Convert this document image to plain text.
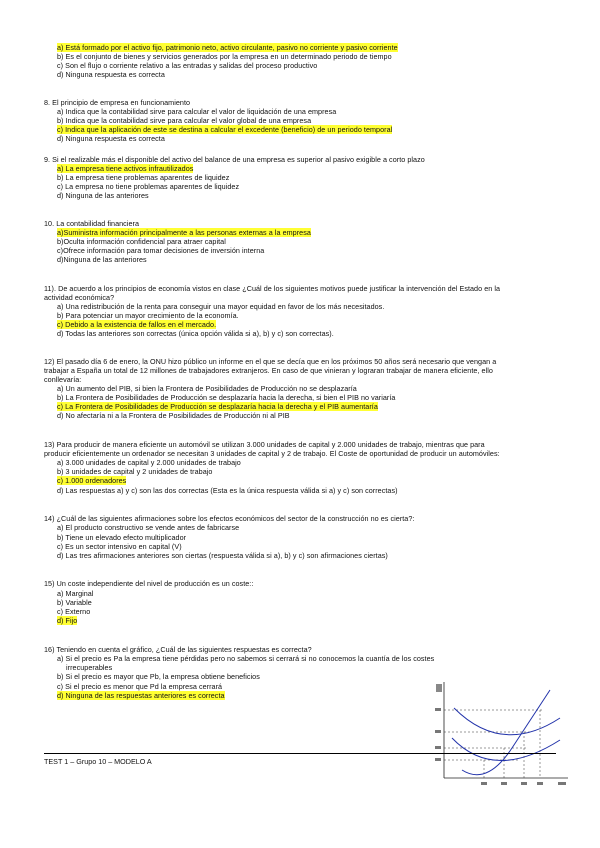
a) Está formado por el activo fijo, patrimonio neto, activo circulante, pasivo no corriente y pasivo corriente
b) Es el conjunto de bienes y servicios generados por la empresa en un determinado periodo de tiempo
c) Son el flujo o corriente relativo a las entradas y salidas del proceso productivo
d) Ninguna respuesta es correcta
8. El principio de empresa en funcionamiento
a) Indica que la contabilidad sirve para calcular el valor de liquidación de una empresa
b) Indica que la contabilidad sirve para calcular el valor global de una empresa
c) Indica que la aplicación de este se destina a calcular el excedente (beneficio) de un periodo temporal
d) Ninguna respuesta es correcta
9. Si el realizable más el disponible del activo del balance de una empresa es superior al pasivo exigible a corto plazo
a) La empresa tiene activos infrautilizados
b) La empresa tiene problemas aparentes de liquidez
c) La empresa no tiene problemas aparentes de liquidez
d) Ninguna de las anteriores
10. La contabilidad financiera
a)Suministra información principalmente a las personas externas a la empresa
b)Oculta información confidencial para atraer capital
c)Ofrece información para tomar decisiones de inversión interna
d)Ninguna de las anteriores
11). De acuerdo a los principios de economía vistos en clase ¿Cuál de los siguientes motivos puede justificar la intervención del Estado en la
actividad económica?
a) Una redistribución de la renta para conseguir una mayor equidad en favor de los más necesitados.
b) Para potenciar un mayor crecimiento de la economía.
c) Debido a la existencia de fallos en el mercado.
d) Todas las anteriores son correctas (única opción válida si a), b) y c) son correctas).
12) El pasado día 6 de enero, la ONU hizo público un informe en el que se decía que en los próximos 50 años será necesario que vengan a
trabajar a España un total de 12 millones de trabajadores extranjeros. En caso de que vinieran y lograran trabajar de manera eficiente, ello
conllevaría:
a) Un aumento del PIB, si bien la Frontera de Posibilidades de Producción no se desplazaría
b) La Frontera de Posibilidades de Producción se desplazaría hacia la derecha, si bien el PIB no variaría
c) La Frontera de Posibilidades de Producción se desplazaría hacia la derecha y el PIB aumentaría
d) No afectaría ni a la Frontera de Posibilidades de Producción ni al PIB
13) Para producir de manera eficiente un automóvil se utilizan 3.000 unidades de capital y 2.000 unidades de trabajo, mientras que para
producir eficientemente un ordenador se necesitan 3 unidades de capital y 2 de trabajo. El Coste de oportunidad de producir un automóviles:
a) 3.000 unidades de capital y 2.000 unidades de trabajo
b) 3 unidades de capital y 2 unidades de trabajo
c) 1.000 ordenadores
d) Las respuestas a) y c) son las dos correctas (Esta es la única respuesta válida si a) y c) son correctas)
14) ¿Cuál de las siguientes afirmaciones sobre los efectos económicos del sector de la construcción no es cierta?:
a) El producto constructivo se vende antes de fabricarse
b) Tiene un elevado efecto multiplicador
c) Es un sector intensivo en capital (V)
d) Las tres afirmaciones anteriores son ciertas (respuesta válida si a), b) y c) son afirmaciones ciertas)
15) Un coste independiente del nivel de producción es un coste::
a) Marginal
b) Variable
c) Externo
d) Fijo
16) Teniendo en cuenta el gráfico, ¿Cuál de las siguientes respuestas es correcta?
a) Si el precio es Pa la empresa tiene pérdidas pero no sabemos si cerrará si no conocemos la cuantía de los costes
irrecuperables
b) Si el precio es mayor que Pb, la empresa obtiene beneficios
c) Si el precio es menor que Pd la empresa cerrará
d) Ninguna de las respuestas anteriores es correcta
TEST 1 – Grupo 10 – MODELO A
